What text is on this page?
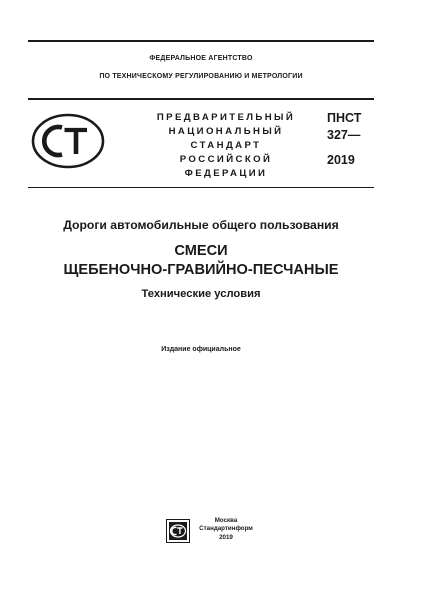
ФЕДЕРАЛЬНОЕ АГЕНТСТВО
ПО ТЕХНИЧЕСКОМУ РЕГУЛИРОВАНИЮ И МЕТРОЛОГИИ
ПРЕДВАРИТЕЛЬНЫЙ
НАЦИОНАЛЬНЫЙ
СТАНДАРТ
РОССИЙСКОЙ
ФЕДЕРАЦИИ
ПНСТ
327—
2019
Дороги автомобильные общего пользования
СМЕСИ
ЩЕБЕНОЧНО-ГРАВИЙНО-ПЕСЧАНЫЕ
Технические условия
Издание официальное
Москва
Стандартинформ
2019
